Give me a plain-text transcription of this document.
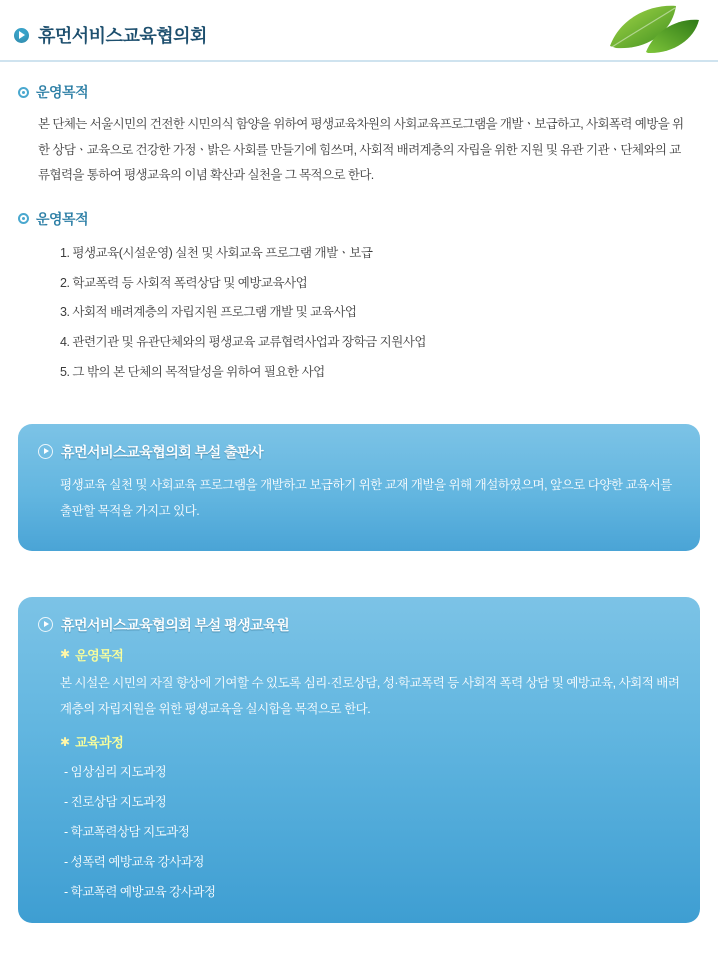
휴먼서비스교육협의회
운영목적

본 단체는 서울시민의 건전한 시민의식 함양을 위하여 평생교육차원의 사회교육프로그램을 개발ㆍ보급하고, 사회폭력 예방을 위한 상담ㆍ교육으로 건강한 가정ㆍ밝은 사회를 만들기에 힘쓰며, 사회적 배려계층의 자립을 위한 지원 및 유관 기관ㆍ단체와의 교류협력을 통하여 평생교육의 이념 확산과 실천을 그 목적으로 한다.

운영목적
평생교육(시설운영) 실천 및 사회교육 프로그램 개발ㆍ보급
학교폭력 등 사회적 폭력상담 및 예방교육사업
사회적 배려계층의 자립지원 프로그램 개발 및 교육사업
관련기관 및 유관단체와의 평생교육 교류협력사업과 장학금 지원사업
그 밖의 본 단체의 목적달성을 위하여 필요한 사업
휴먼서비스교육협의회 부설 출판사

평생교육 실천 및 사회교육 프로그램을 개발하고 보급하기 위한 교재 개발을 위해 개설하였으며, 앞으로 다양한 교육서를 출판할 목적을 가지고 있다.

휴먼서비스교육협의회 부설 평생교육원
✱ 운영목적

본 시설은 시민의 자질 향상에 기여할 수 있도록 심리·진로상담, 성·학교폭력 등 사회적 폭력 상담 및 예방교육, 사회적 배려계층의 자립지원을 위한 평생교육을 실시함을 목적으로 한다.

✱ 교육과정
- 임상심리 지도과정
- 진로상담 지도과정
- 학교폭력상담 지도과정
- 성폭력 예방교육 강사과정
- 학교폭력 예방교육 강사과정
